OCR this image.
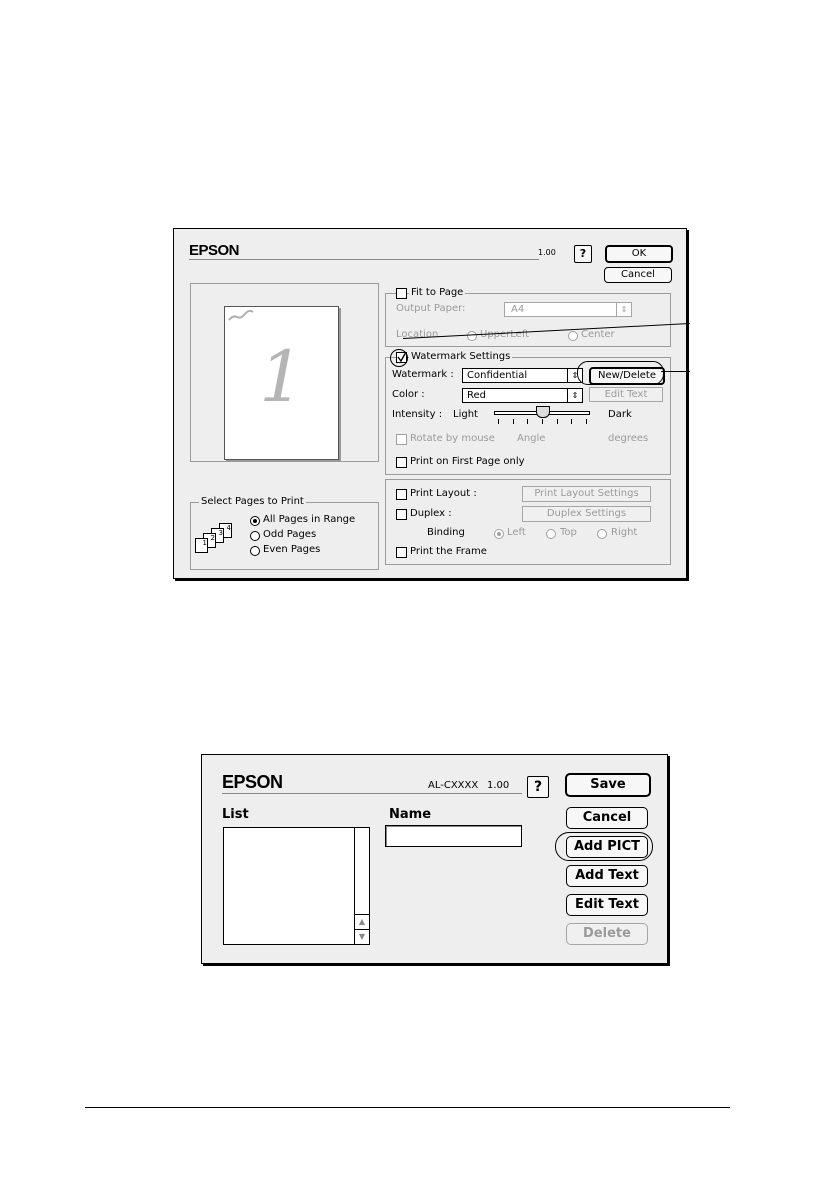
EPSON	1.00	?	OK
Cancel
1
Select Pages to Print
4
3
2
1
All Pages in Range
Odd Pages
Even Pages
Fit to Page
Output Paper:	A4	⇕
Location	UpperLeft	Center
Watermark Settings
Watermark :	Confidential	⇕	New/Delete
Color :	Red	⇕	Edit Text
Intensity : Light	Dark
Rotate by mouse Angle	degrees
Print on First Page only
Print Layout :	Print Layout Settings
Duplex :	Duplex Settings
Binding	Left	Top	Right
Print the Frame
EPSON	AL-CXXXX 1.00	?
List
▲
▼
Name
Save
Cancel
Add PICT
Add Text
Edit Text
Delete
